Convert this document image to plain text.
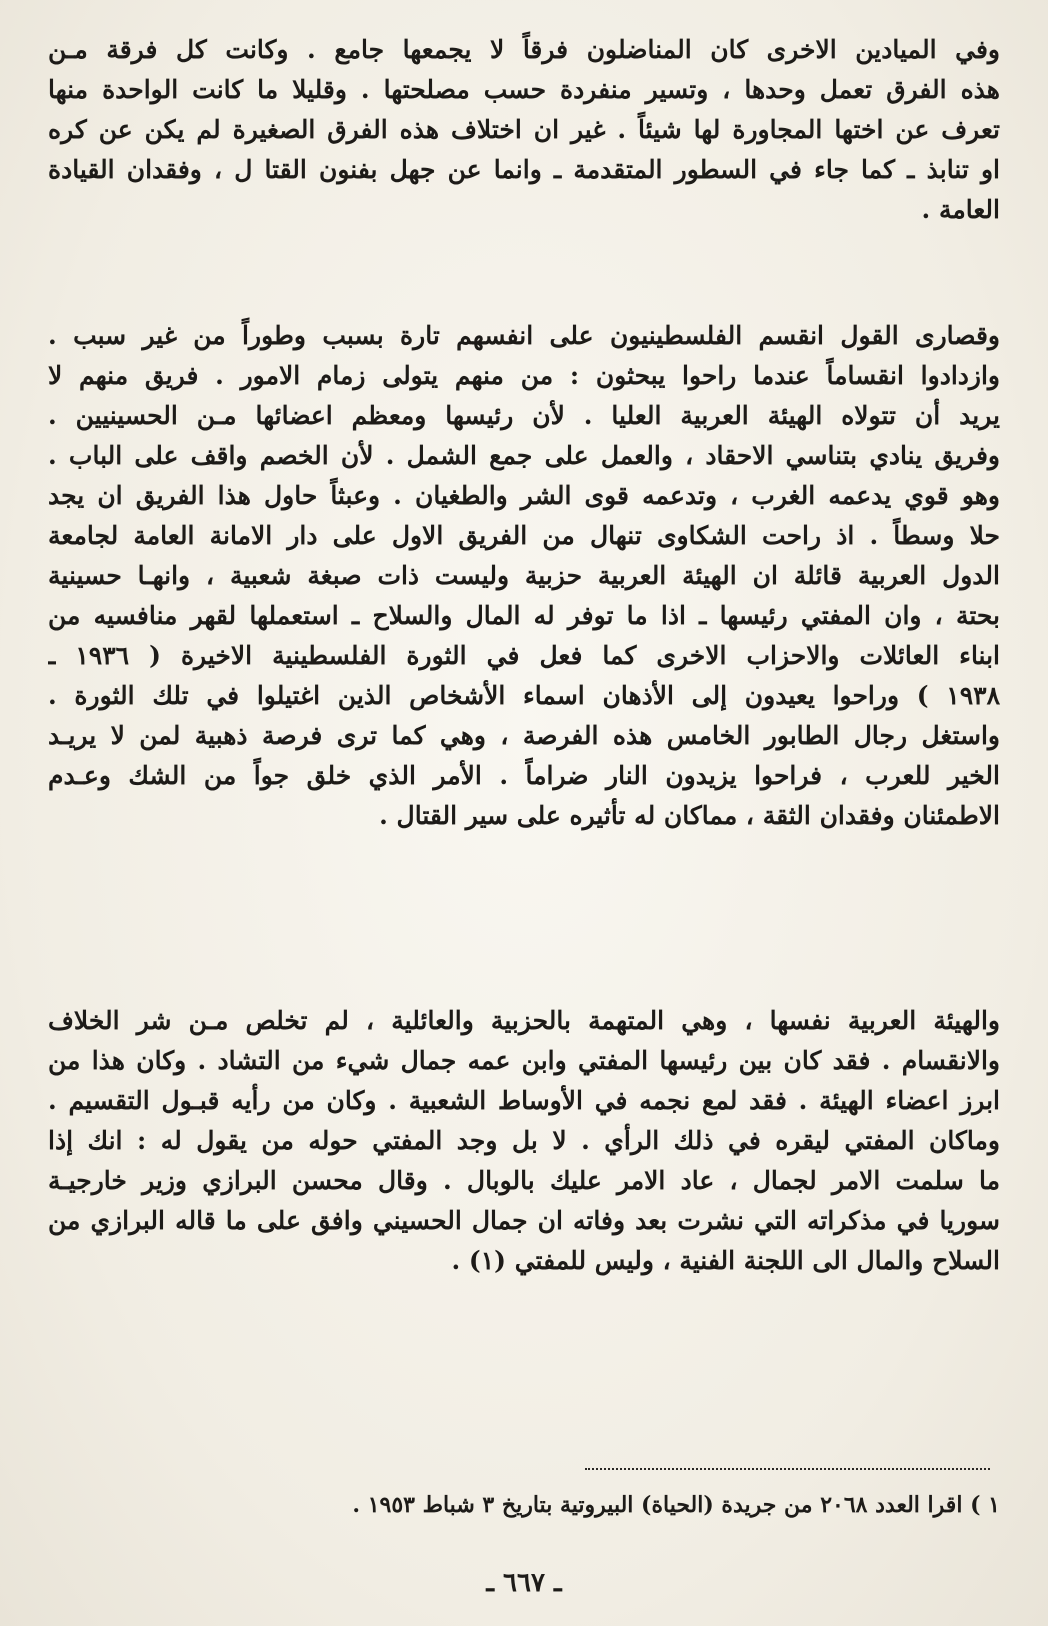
وفي الميادين الاخرى كان المناضلون فرقاً لا يجمعها جامع . وكانت كل فرقة مـن
هذه الفرق تعمل وحدها ، وتسير منفردة حسب مصلحتها . وقليلا ما كانت الواحدة منها
تعرف عن اختها المجاورة لها شيئاً . غير ان اختلاف هذه الفرق الصغيرة لم يكن عن كره
او تنابذ ـ كما جاء في السطور المتقدمة ـ وانما عن جهل بفنون القتا ل ، وفقدان القيادة
العامة .
وقصارى القول انقسم الفلسطينيون على انفسهم تارة بسبب وطوراً من غير سبب .
وازدادوا انقساماً عندما راحوا يبحثون : من منهم يتولى زمام الامور . فريق منهم لا
يريد أن تتولاه الهيئة العربية العليا . لأن رئيسها ومعظم اعضائها مـن الحسينيين .
وفريق ينادي بتناسي الاحقاد ، والعمل على جمع الشمل . لأن الخصم واقف على الباب .
وهو قوي يدعمه الغرب ، وتدعمه قوى الشر والطغيان . وعبثاً حاول هذا الفريق ان يجد
حلا وسطاً . اذ راحت الشكاوى تنهال من الفريق الاول على دار الامانة العامة لجامعة
الدول العربية قائلة ان الهيئة العربية حزبية وليست ذات صبغة شعبية ، وانهـا حسينية
بحتة ، وان المفتي رئيسها ـ اذا ما توفر له المال والسلاح ـ استعملها لقهر منافسيه من
ابناء العائلات والاحزاب الاخرى كما فعل في الثورة الفلسطينية الاخيرة ( ١٩٣٦ ـ
١٩٣٨ ) وراحوا يعيدون إلى الأذهان اسماء الأشخاص الذين اغتيلوا في تلك الثورة .
واستغل رجال الطابور الخامس هذه الفرصة ، وهي كما ترى فرصة ذهبية لمن لا يريـد
الخير للعرب ، فراحوا يزيدون النار ضراماً . الأمر الذي خلق جواً من الشك وعـدم
الاطمئنان وفقدان الثقة ، مماكان له تأثيره على سير القتال .
والهيئة العربية نفسها ، وهي المتهمة بالحزبية والعائلية ، لم تخلص مـن شر الخلاف
والانقسام . فقد كان بين رئيسها المفتي وابن عمه جمال شيء من التشاد . وكان هذا من
ابرز اعضاء الهيئة . فقد لمع نجمه في الأوساط الشعبية . وكان من رأيه قبـول التقسيم .
وماكان المفتي ليقره في ذلك الرأي . لا بل وجد المفتي حوله من يقول له : انك إذا
ما سلمت الامر لجمال ، عاد الامر عليك بالوبال . وقال محسن البرازي وزير خارجيـة
سوريا في مذكراته التي نشرت بعد وفاته ان جمال الحسيني وافق على ما قاله البرازي من
السلاح والمال الى اللجنة الفنية ، وليس للمفتي (١) .
١ ) اقرا العدد ٢٠٦٨ من جريدة (الحياة) البيروتية بتاريخ ٣ شباط ١٩٥٣ .
ـ ٦٦٧ ـ
